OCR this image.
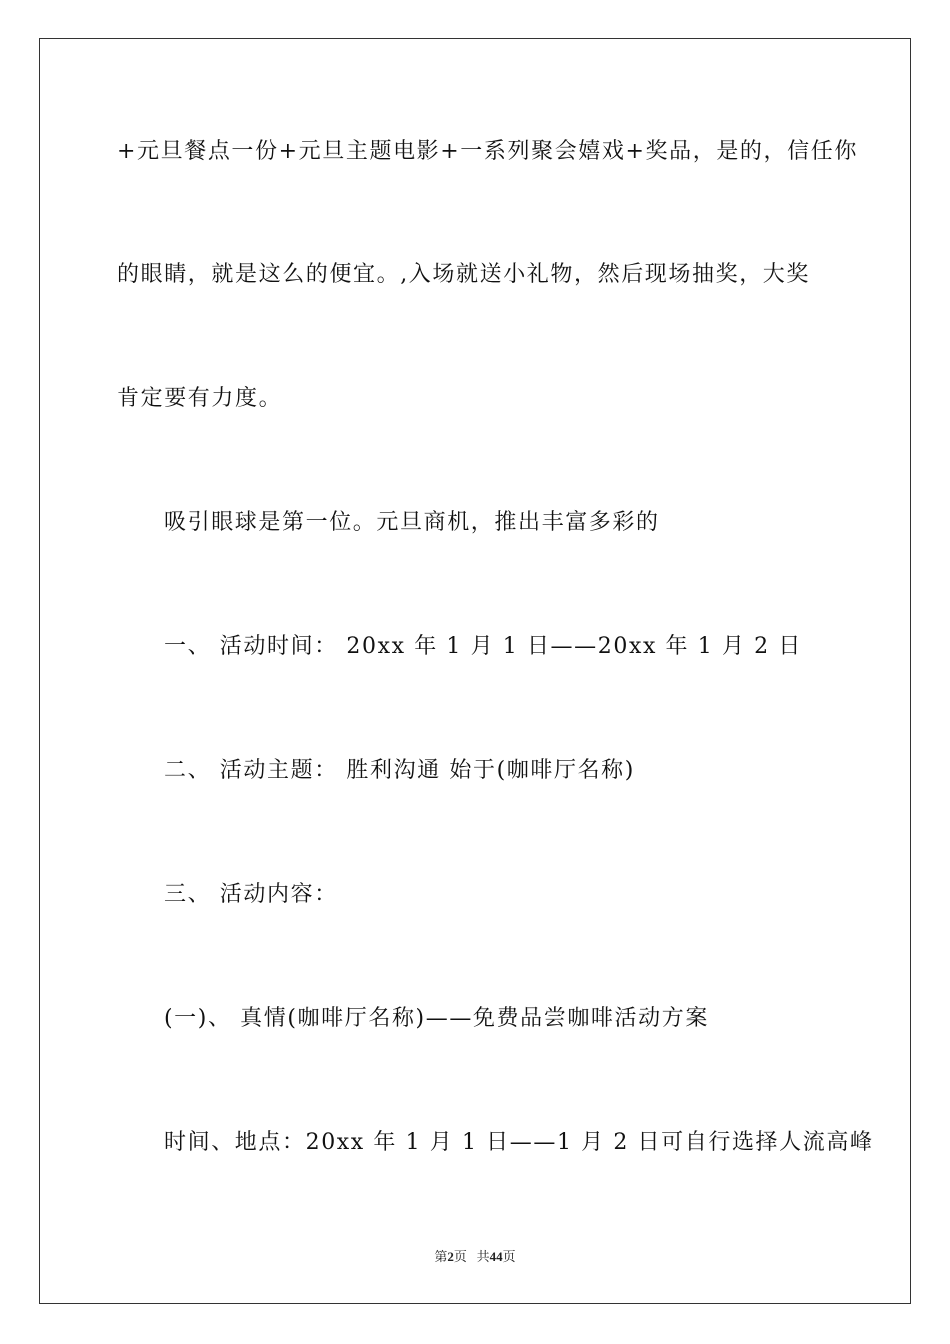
+元旦餐点一份+元旦主题电影+一系列聚会嬉戏+奖品，是的，信任你
的眼睛，就是这么的便宜。,入场就送小礼物，然后现场抽奖，大奖
肯定要有力度。
吸引眼球是第一位。元旦商机，推出丰富多彩的
一、 活动时间： 20xx 年 1 月 1 日——20xx 年 1 月 2 日
二、 活动主题： 胜利沟通 始于(咖啡厅名称)
三、 活动内容：
(一)、 真情(咖啡厅名称)——免费品尝咖啡活动方案
时间、地点：20xx 年 1 月 1 日——1 月 2 日可自行选择人流高峰
第2页   共44页
